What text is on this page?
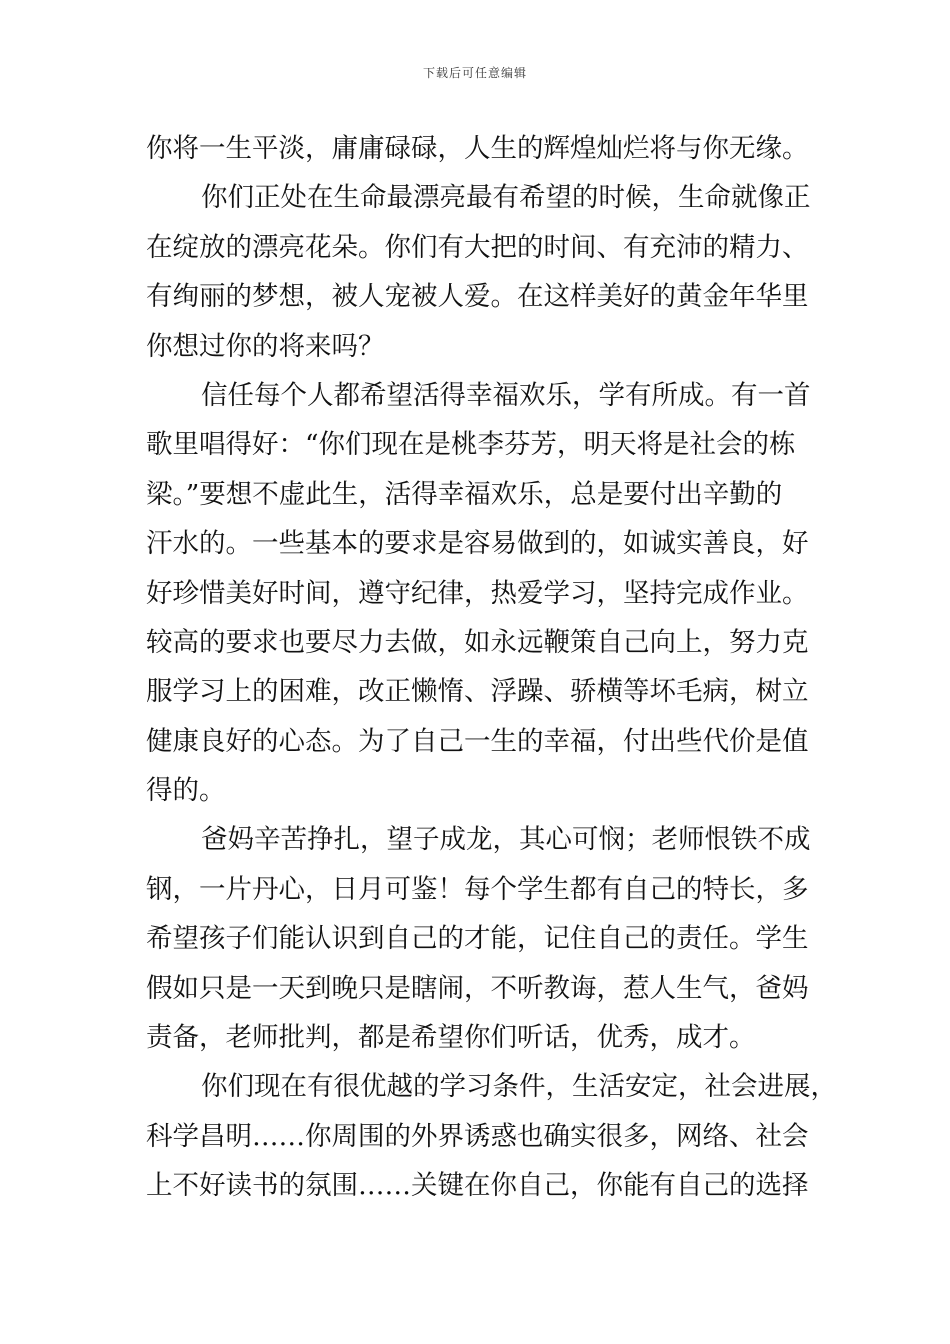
下载后可任意编辑
你将一生平淡，庸庸碌碌，人生的辉煌灿烂将与你无缘。
你们正处在生命最漂亮最有希望的时候，生命就像正
在绽放的漂亮花朵。你们有大把的时间、有充沛的精力、
有绚丽的梦想，被人宠被人爱。在这样美好的黄金年华里
你想过你的将来吗？
信任每个人都希望活得幸福欢乐，学有所成。有一首
歌里唱得好：“你们现在是桃李芬芳，明天将是社会的栋
梁。”要想不虚此生，活得幸福欢乐，总是要付出辛勤的
汗水的。一些基本的要求是容易做到的，如诚实善良，好
好珍惜美好时间，遵守纪律，热爱学习，坚持完成作业。
较高的要求也要尽力去做，如永远鞭策自己向上，努力克
服学习上的困难，改正懒惰、浮躁、骄横等坏毛病，树立
健康良好的心态。为了自己一生的幸福，付出些代价是值
得的。
爸妈辛苦挣扎，望子成龙，其心可悯；老师恨铁不成
钢，一片丹心，日月可鉴！每个学生都有自己的特长，多
希望孩子们能认识到自己的才能，记住自己的责任。学生
假如只是一天到晚只是瞎闹，不听教诲，惹人生气，爸妈
责备，老师批判，都是希望你们听话，优秀，成才。
你们现在有很优越的学习条件，生活安定，社会进展，
科学昌明……你周围的外界诱惑也确实很多，网络、社会
上不好读书的氛围……关键在你自己，你能有自己的选择
